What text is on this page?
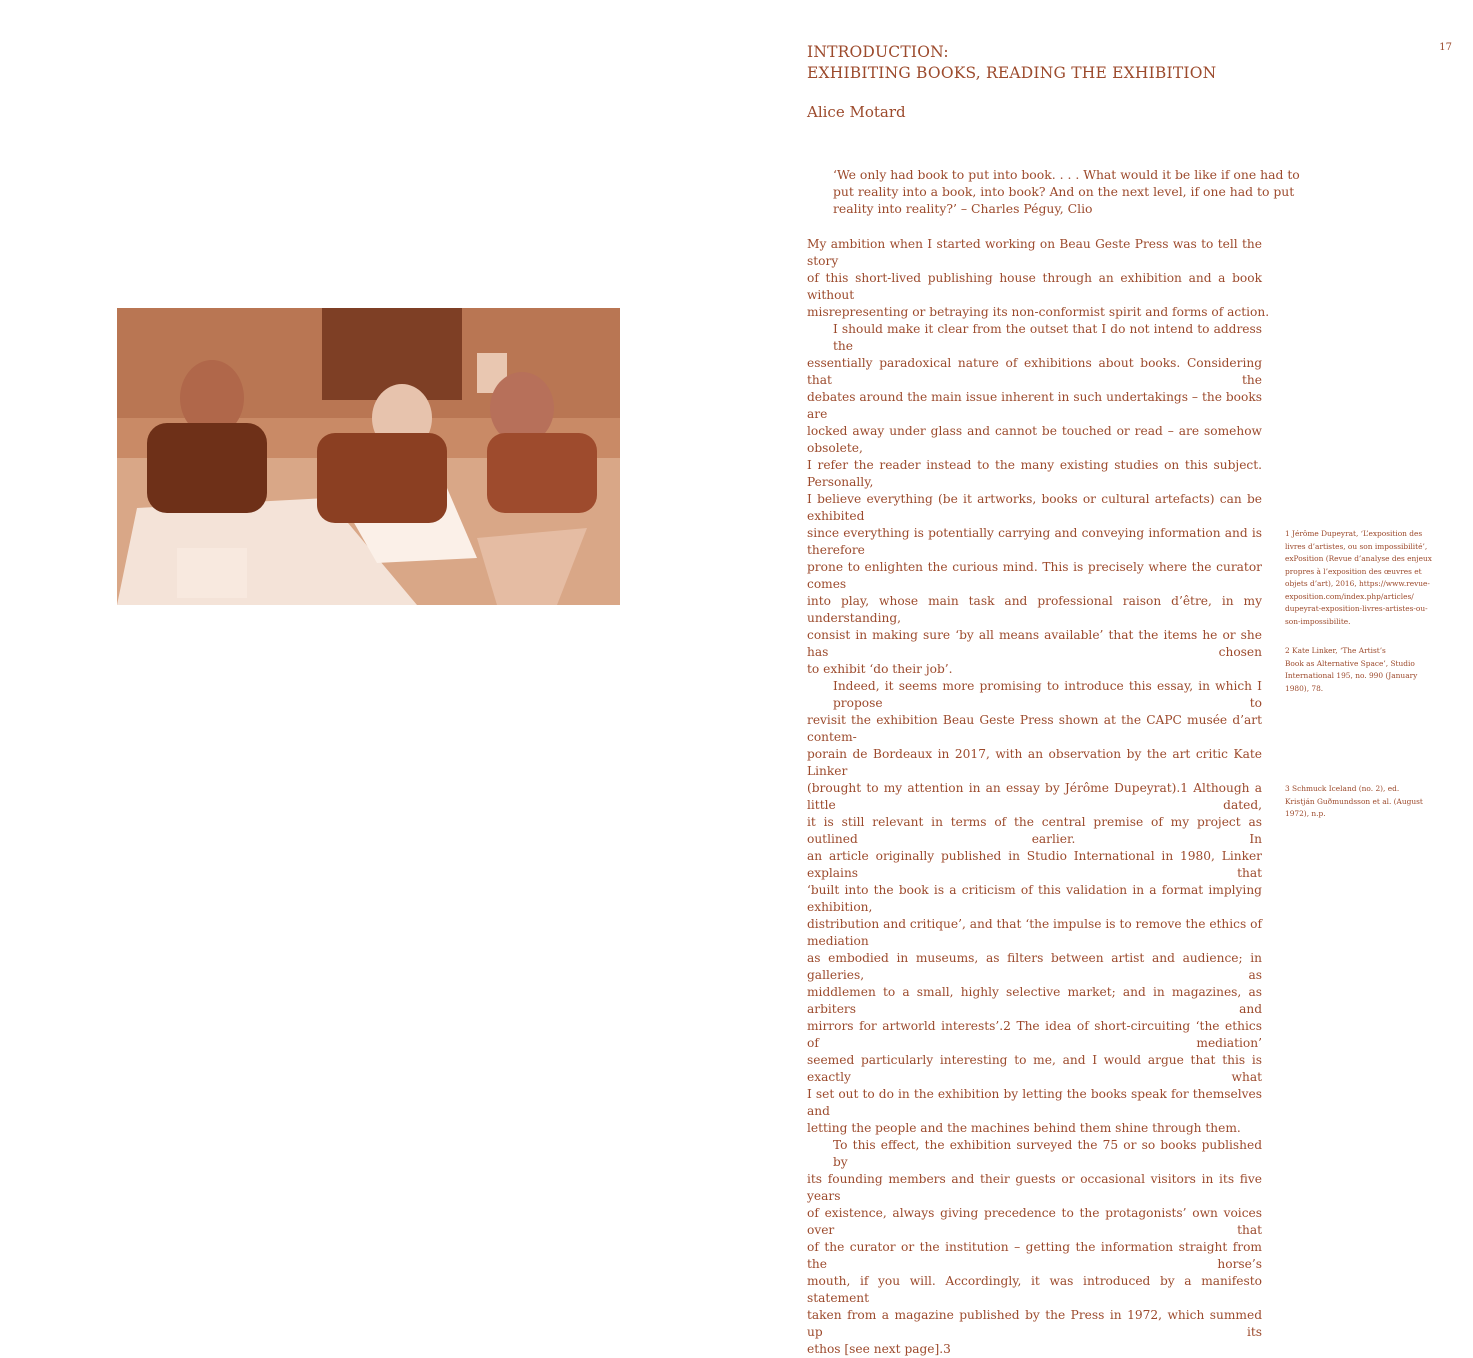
17
INTRODUCTION:
EXHIBITING BOOKS, READING THE EXHIBITION
Alice Motard
‘We only had book to put into book. . . . What would it be like if one had to
put reality into a book, into book? And on the next level, if one had to put
reality into reality?’ – Charles Péguy, Clio
My ambition when I started working on Beau Geste Press was to tell the story
of this short-lived publishing house through an exhibition and a book without
misrepresenting or betraying its non-conformist spirit and forms of action.
I should make it clear from the outset that I do not intend to address the
essentially paradoxical nature of exhibitions about books. Considering that the
debates around the main issue inherent in such undertakings – the books are
locked away under glass and cannot be touched or read – are somehow obsolete,
I refer the reader instead to the many existing studies on this subject. Personally,
I believe everything (be it artworks, books or cultural artefacts) can be exhibited
since everything is potentially carrying and conveying information and is therefore
prone to enlighten the curious mind. This is precisely where the curator comes
into play, whose main task and professional raison d’être, in my understanding,
consist in making sure ‘by all means available’ that the items he or she has chosen
to exhibit ‘do their job’.
Indeed, it seems more promising to introduce this essay, in which I propose to
revisit the exhibition Beau Geste Press shown at the CAPC musée d’art contem-
porain de Bordeaux in 2017, with an observation by the art critic Kate Linker
(brought to my attention in an essay by Jérôme Dupeyrat).1 Although a little dated,
it is still relevant in terms of the central premise of my project as outlined earlier. In
an article originally published in Studio International in 1980, Linker explains that
‘built into the book is a criticism of this validation in a format implying exhibition,
distribution and critique’, and that ‘the impulse is to remove the ethics of mediation
as embodied in museums, as filters between artist and audience; in galleries, as
middlemen to a small, highly selective market; and in magazines, as arbiters and
mirrors for artworld interests’.2 The idea of short-circuiting ‘the ethics of mediation’
seemed particularly interesting to me, and I would argue that this is exactly what
I set out to do in the exhibition by letting the books speak for themselves and
letting the people and the machines behind them shine through them.
To this effect, the exhibition surveyed the 75 or so books published by
its founding members and their guests or occasional visitors in its five years
of existence, always giving precedence to the protagonists’ own voices over that
of the curator or the institution – getting the information straight from the horse’s
mouth, if you will. Accordingly, it was introduced by a manifesto statement
taken from a magazine published by the Press in 1972, which summed up its
ethos [see next page].3
1 Jérôme Dupeyrat, ‘L’exposition des
livres d’artistes, ou son impossibilité’,
exPosition (Revue d’analyse des enjeux
propres à l’exposition des œuvres et
objets d’art), 2016, https://www.revue-
exposition.com/index.php/articles/
dupeyrat-exposition-livres-artistes-ou-
son-impossibilite.
2 Kate Linker, ‘The Artist’s
Book as Alternative Space’, Studio
International 195, no. 990 (January
1980), 78.
3 Schmuck Iceland (no. 2), ed.
Kristján Guðmundsson et al. (August
1972), n.p.
